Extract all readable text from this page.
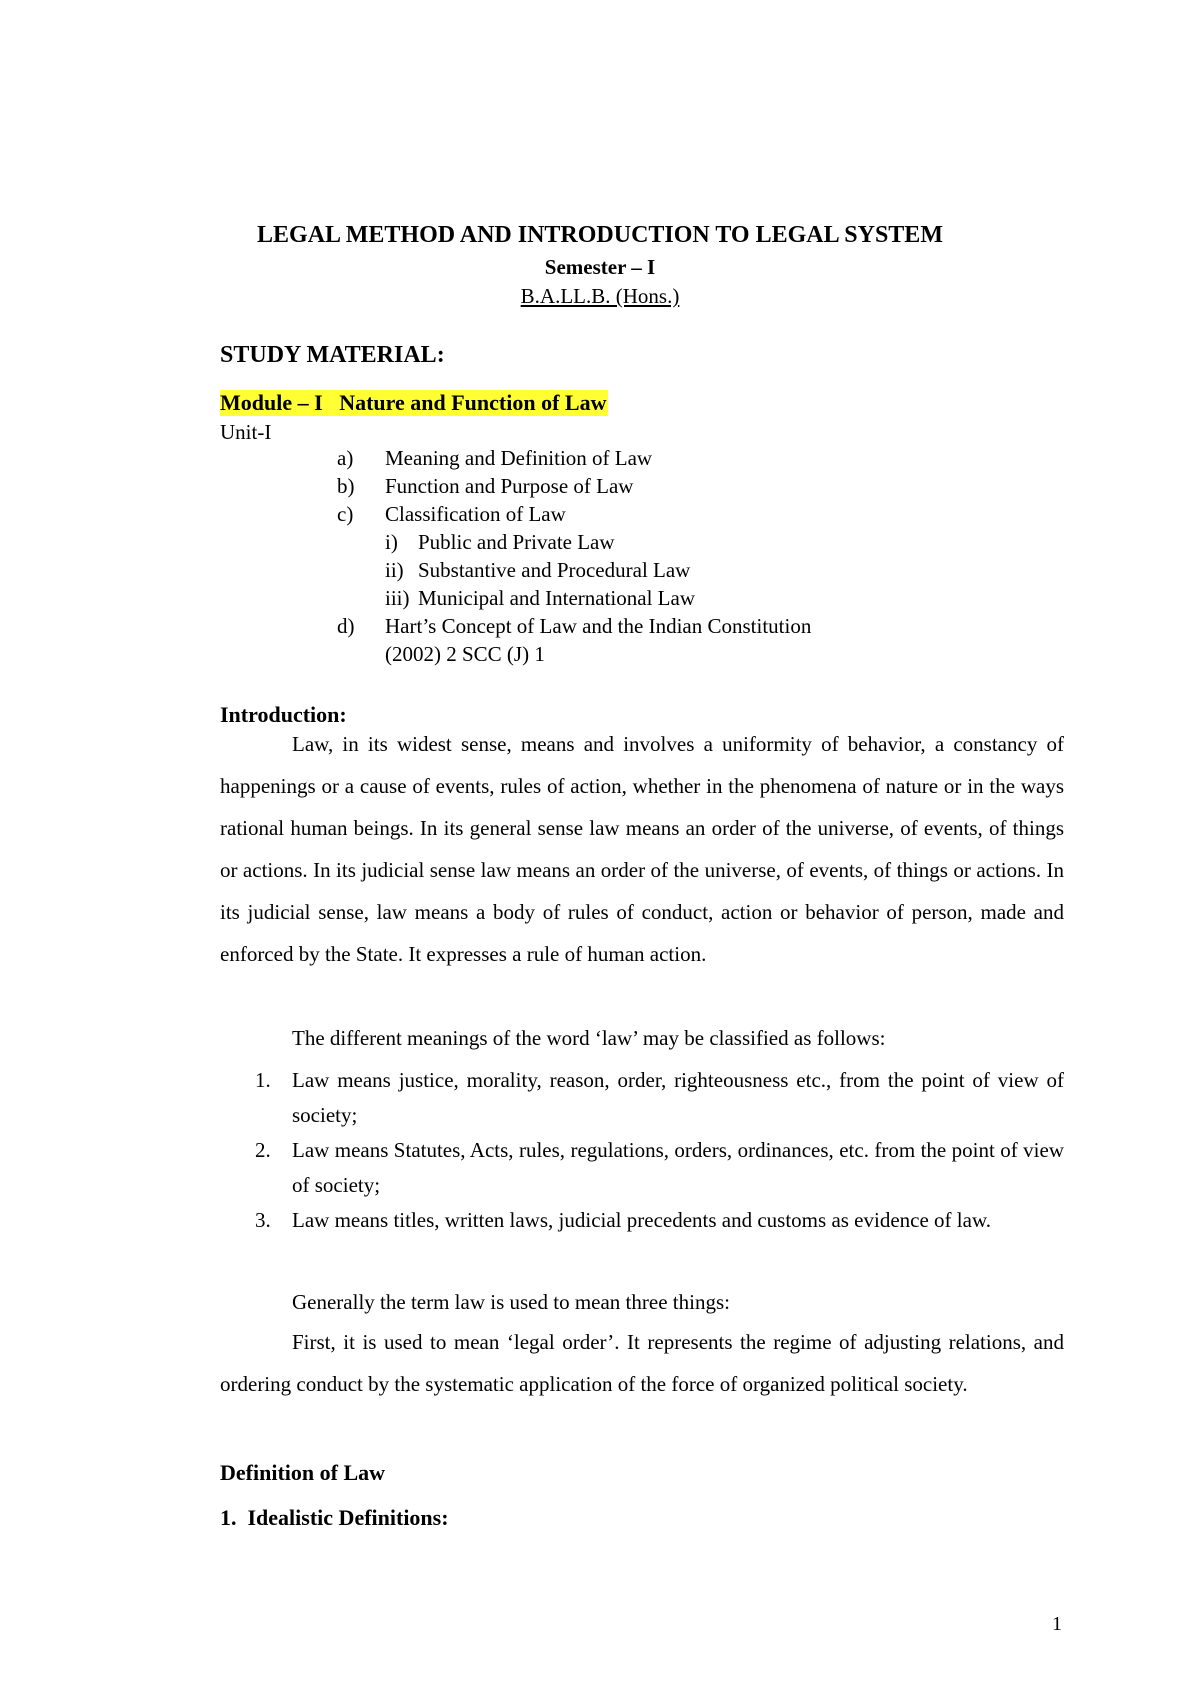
LEGAL METHOD AND INTRODUCTION TO LEGAL SYSTEM
Semester – I
B.A.LL.B. (Hons.)
STUDY MATERIAL:
Module – I Nature and Function of Law
Unit-I
a) Meaning and Definition of Law
b) Function and Purpose of Law
c) Classification of Law
i) Public and Private Law
ii) Substantive and Procedural Law
iii) Municipal and International Law
d) Hart’s Concept of Law and the Indian Constitution
(2002) 2 SCC (J) 1
Introduction:
Law, in its widest sense, means and involves a uniformity of behavior, a constancy of happenings or a cause of events, rules of action, whether in the phenomena of nature or in the ways rational human beings. In its general sense law means an order of the universe, of events, of things or actions. In its judicial sense law means an order of the universe, of events, of things or actions. In its judicial sense, law means a body of rules of conduct, action or behavior of person, made and enforced by the State. It expresses a rule of human action.
The different meanings of the word ‘law’ may be classified as follows:
1. Law means justice, morality, reason, order, righteousness etc., from the point of view of society;
2. Law means Statutes, Acts, rules, regulations, orders, ordinances, etc. from the point of view of society;
3. Law means titles, written laws, judicial precedents and customs as evidence of law.
Generally the term law is used to mean three things:
First, it is used to mean ‘legal order’. It represents the regime of adjusting relations, and ordering conduct by the systematic application of the force of organized political society.
Definition of Law
1. Idealistic Definitions:
1
